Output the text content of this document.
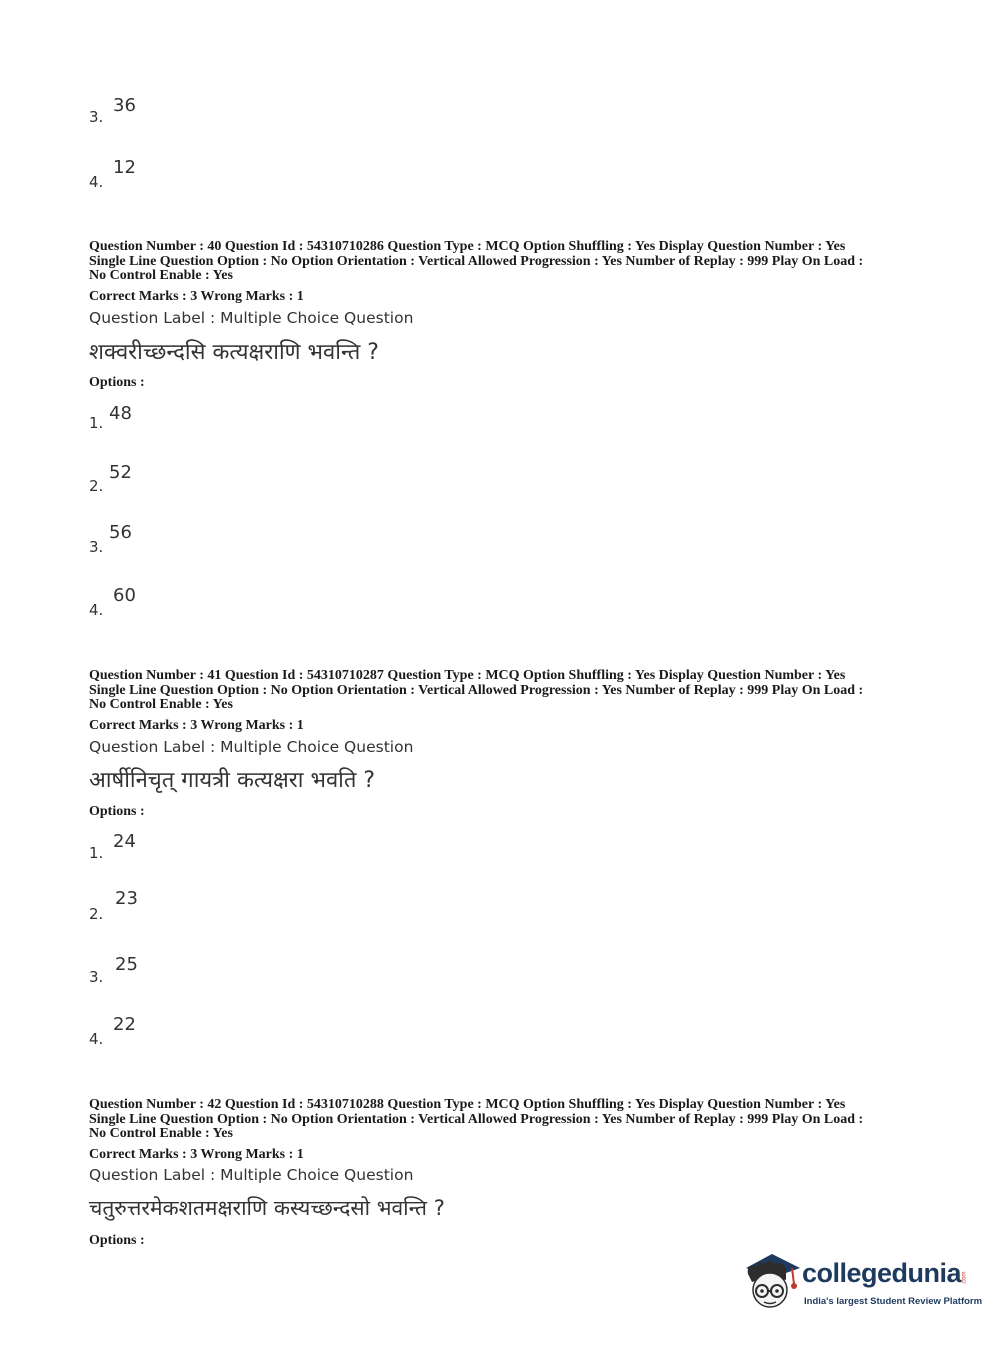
3.
36
4.
12
Question Number : 40 Question Id : 54310710286 Question Type : MCQ Option Shuffling : Yes Display Question Number : Yes
Single Line Question Option : No Option Orientation : Vertical Allowed Progression : Yes Number of Replay : 999 Play On Load :
No Control Enable : Yes
Correct Marks : 3 Wrong Marks : 1
Question Label : Multiple Choice Question
शक्वरीच्छन्दसि कत्यक्षराणि भवन्ति ?
Options :
1. 48
2.
52
3.
56
4.
60
Question Number : 41 Question Id : 54310710287 Question Type : MCQ Option Shuffling : Yes Display Question Number : Yes
Single Line Question Option : No Option Orientation : Vertical Allowed Progression : Yes Number of Replay : 999 Play On Load :
No Control Enable : Yes
Correct Marks : 3 Wrong Marks : 1
Question Label : Multiple Choice Question
आर्षीनिचृत् गायत्री कत्यक्षरा भवति ?
Options :
1.
24
2.
23
3.
25
4.
22
Question Number : 42 Question Id : 54310710288 Question Type : MCQ Option Shuffling : Yes Display Question Number : Yes
Single Line Question Option : No Option Orientation : Vertical Allowed Progression : Yes Number of Replay : 999 Play On Load :
No Control Enable : Yes
Correct Marks : 3 Wrong Marks : 1
Question Label : Multiple Choice Question
चतुरुत्तरमेकशतमक्षराणि कस्यच्छन्दसो भवन्ति ?
Options :
collegedunia .com
India's largest Student Review Platform
